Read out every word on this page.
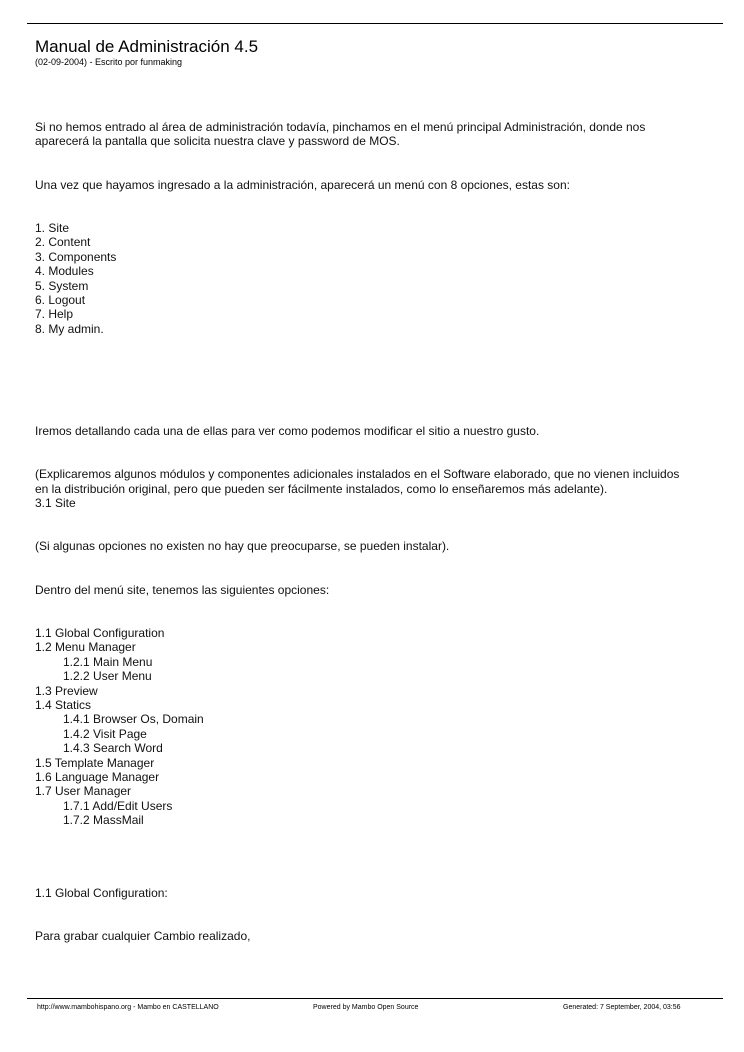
Manual de Administración 4.5
(02-09-2004) - Escrito por funmaking

Si no hemos entrado al área de administración todavía, pinchamos en el menú principal Administración, donde nos

aparecerá la pantalla que solicita nuestra clave y password de MOS.

Una vez que hayamos ingresado a la administración, aparecerá un menú con 8 opciones, estas son:

1. Site

2. Content

3. Components

4. Modules

5. System

6. Logout

7. Help

8. My admin.

Iremos detallando cada una de ellas para ver como podemos modificar el sitio a nuestro gusto.

(Explicaremos algunos módulos y componentes adicionales instalados en el Software elaborado, que no vienen incluidos

en la distribución original, pero que pueden ser fácilmente instalados, como lo enseñaremos más adelante).

3.1 Site

(Si algunas opciones no existen no hay que preocuparse, se pueden instalar).

Dentro del menú site, tenemos las siguientes opciones:

1.1 Global Configuration

1.2 Menu Manager

1.2.1 Main Menu

1.2.2 User Menu

1.3 Preview

1.4 Statics

1.4.1 Browser Os, Domain

1.4.2 Visit Page

1.4.3 Search Word

1.5 Template Manager

1.6 Language Manager

1.7 User Manager

1.7.1 Add/Edit Users

1.7.2 MassMail

1.1 Global Configuration:

Para grabar cualquier Cambio realizado,

http://www.mambohispano.org - Mambo en CASTELLANO	Powered by Mambo Open Source	Generated: 7 September, 2004, 03:56
